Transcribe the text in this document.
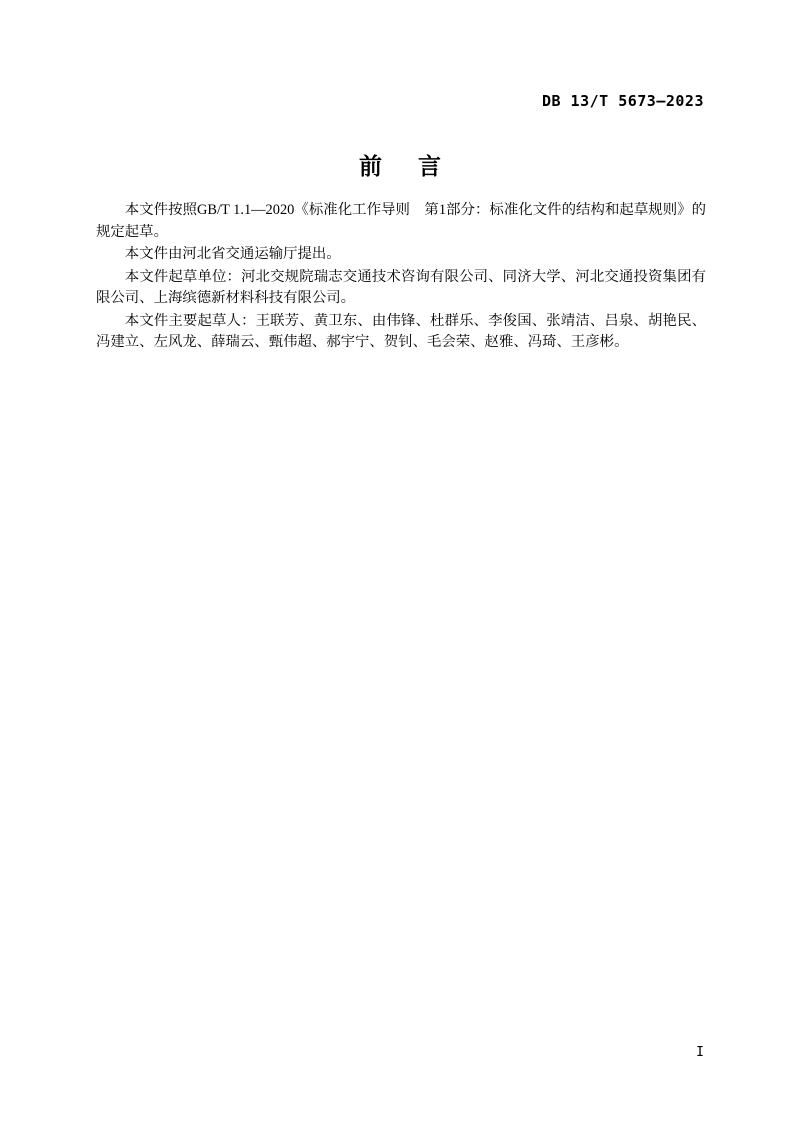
DB 13/T 5673—2023
前 言

本文件按照GB/T 1.1—2020《标准化工作导则　第1部分：标准化文件的结构和起草规则》的规定起草。

本文件由河北省交通运输厅提出。

本文件起草单位：河北交规院瑞志交通技术咨询有限公司、同济大学、河北交通投资集团有限公司、上海缤德新材料科技有限公司。

本文件主要起草人：王联芳、黄卫东、由伟锋、杜群乐、李俊国、张靖洁、吕泉、胡艳民、冯建立、左风龙、薛瑞云、甄伟超、郝宇宁、贺钊、毛会荣、赵雅、冯琦、王彦彬。

I
